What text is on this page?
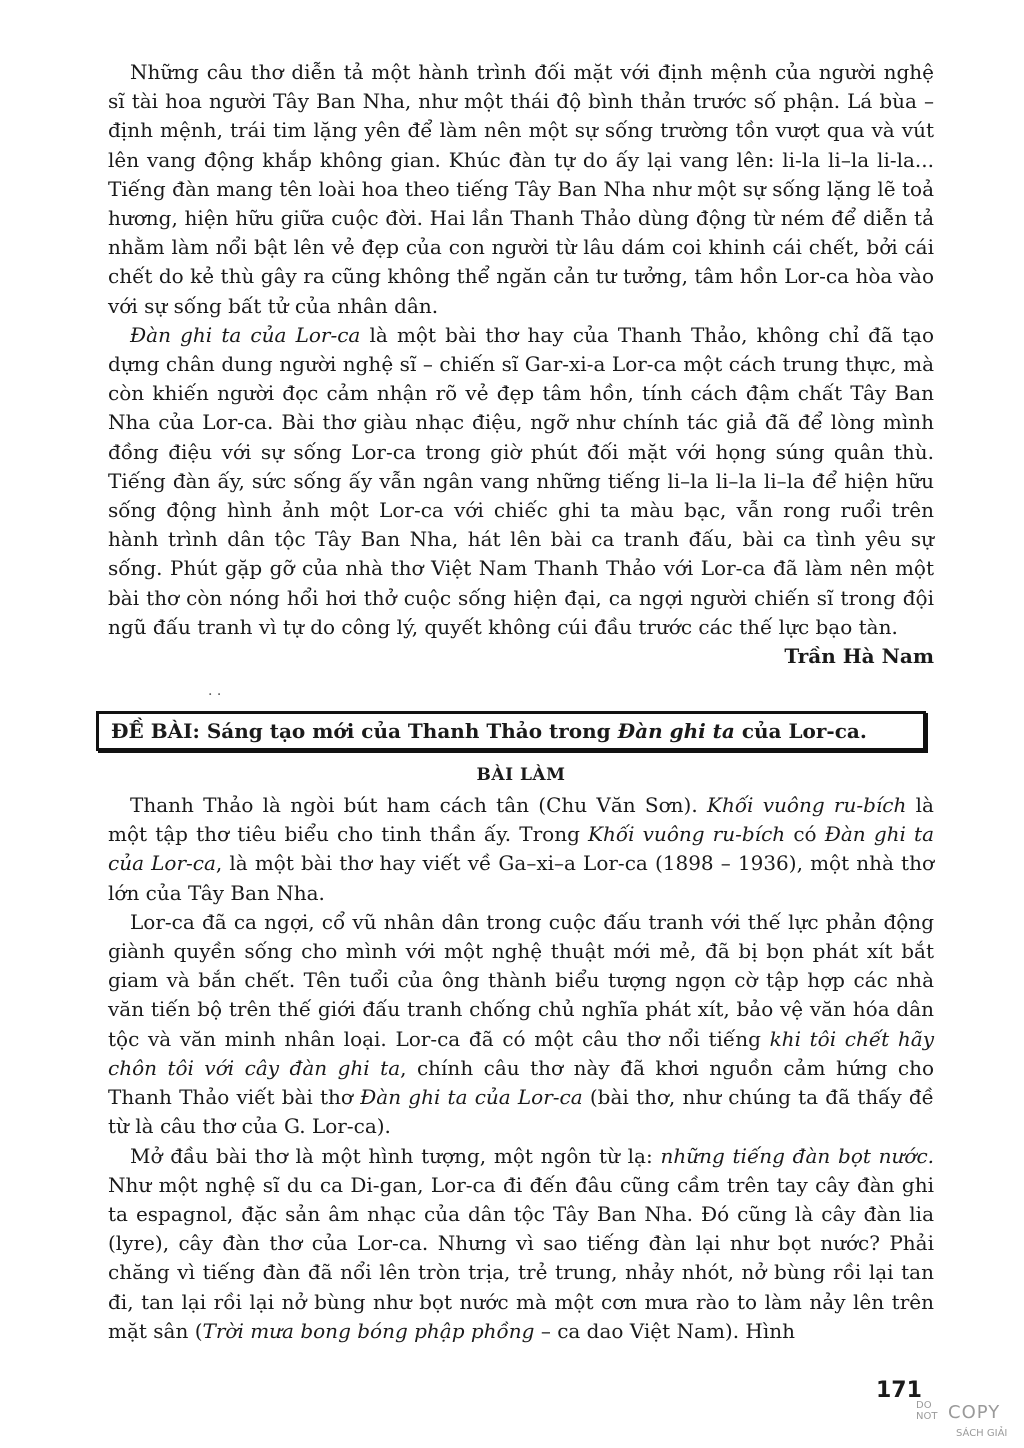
Những câu thơ diễn tả một hành trình đối mặt với định mệnh của người nghệ sĩ tài hoa người Tây Ban Nha, như một thái độ bình thản trước số phận. Lá bùa – định mệnh, trái tim lặng yên để làm nên một sự sống trường tồn vượt qua và vút lên vang động khắp không gian. Khúc đàn tự do ấy lại vang lên: li-la li–la li-la... Tiếng đàn mang tên loài hoa theo tiếng Tây Ban Nha như một sự sống lặng lẽ toả hương, hiện hữu giữa cuộc đời. Hai lần Thanh Thảo dùng động từ ném để diễn tả nhằm làm nổi bật lên vẻ đẹp của con người từ lâu dám coi khinh cái chết, bởi cái chết do kẻ thù gây ra cũng không thể ngăn cản tư tưởng, tâm hồn Lor-ca hòa vào với sự sống bất tử của nhân dân.

Đàn ghi ta của Lor-ca là một bài thơ hay của Thanh Thảo, không chỉ đã tạo dựng chân dung người nghệ sĩ – chiến sĩ Gar-xi-a Lor-ca một cách trung thực, mà còn khiến người đọc cảm nhận rõ vẻ đẹp tâm hồn, tính cách đậm chất Tây Ban Nha của Lor-ca. Bài thơ giàu nhạc điệu, ngỡ như chính tác giả đã để lòng mình đồng điệu với sự sống Lor-ca trong giờ phút đối mặt với họng súng quân thù. Tiếng đàn ấy, sức sống ấy vẫn ngân vang những tiếng li–la li–la li–la để hiện hữu sống động hình ảnh một Lor-ca với chiếc ghi ta màu bạc, vẫn rong ruổi trên hành trình dân tộc Tây Ban Nha, hát lên bài ca tranh đấu, bài ca tình yêu sự sống. Phút gặp gỡ của nhà thơ Việt Nam Thanh Thảo với Lor-ca đã làm nên một bài thơ còn nóng hổi hơi thở cuộc sống hiện đại, ca ngợi người chiến sĩ trong đội ngũ đấu tranh vì tự do công lý, quyết không cúi đầu trước các thế lực bạo tàn.

Trần Hà Nam

· ·
ĐỀ BÀI: Sáng tạo mới của Thanh Thảo trong Đàn ghi ta của Lor-ca.
BÀI LÀM

Thanh Thảo là ngòi bút ham cách tân (Chu Văn Sơn). Khối vuông ru-bích là một tập thơ tiêu biểu cho tinh thần ấy. Trong Khối vuông ru-bích có Đàn ghi ta của Lor-ca, là một bài thơ hay viết về Ga–xi–a Lor-ca (1898 – 1936), một nhà thơ lớn của Tây Ban Nha.

Lor-ca đã ca ngợi, cổ vũ nhân dân trong cuộc đấu tranh với thế lực phản động giành quyền sống cho mình với một nghệ thuật mới mẻ, đã bị bọn phát xít bắt giam và bắn chết. Tên tuổi của ông thành biểu tượng ngọn cờ tập hợp các nhà văn tiến bộ trên thế giới đấu tranh chống chủ nghĩa phát xít, bảo vệ văn hóa dân tộc và văn minh nhân loại. Lor-ca đã có một câu thơ nổi tiếng khi tôi chết hãy chôn tôi với cây đàn ghi ta, chính câu thơ này đã khơi nguồn cảm hứng cho Thanh Thảo viết bài thơ Đàn ghi ta của Lor-ca (bài thơ, như chúng ta đã thấy đề từ là câu thơ của G. Lor-ca).

Mở đầu bài thơ là một hình tượng, một ngôn từ lạ: những tiếng đàn bọt nước. Như một nghệ sĩ du ca Di-gan, Lor-ca đi đến đâu cũng cầm trên tay cây đàn ghi ta espagnol, đặc sản âm nhạc của dân tộc Tây Ban Nha. Đó cũng là cây đàn lia (lyre), cây đàn thơ của Lor-ca. Nhưng vì sao tiếng đàn lại như bọt nước? Phải chăng vì tiếng đàn đã nổi lên tròn trịa, trẻ trung, nhảy nhót, nở bùng rồi lại tan đi, tan lại rồi lại nở bùng như bọt nước mà một cơn mưa rào to làm nảy lên trên mặt sân (Trời mưa bong bóng phập phồng – ca dao Việt Nam). Hình

171
DO
NOT COPY
SÁCH GIẢI
